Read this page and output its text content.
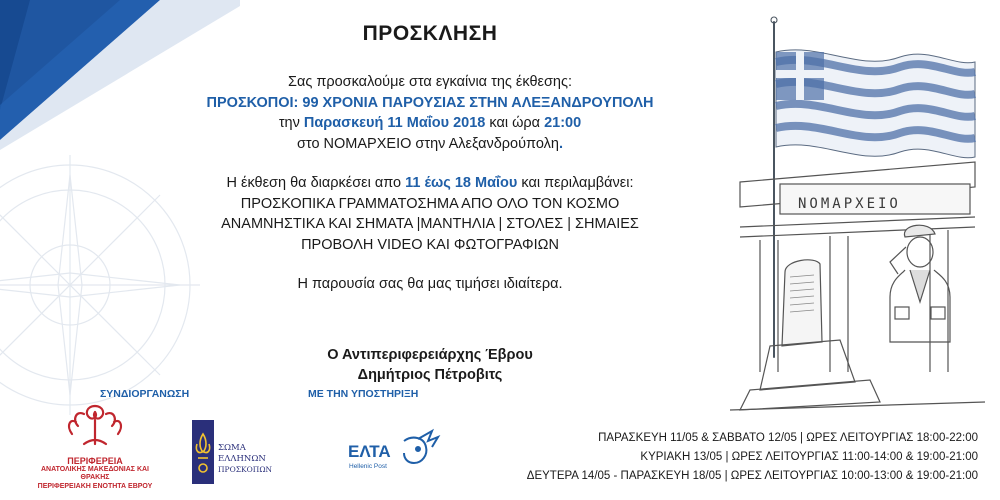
ΠΡΟΣΚΛΗΣΗ
Σας προσκαλούμε στα εγκαίνια της έκθεσης:
ΠΡΟΣΚΟΠΟΙ: 99 ΧΡΟΝΙΑ ΠΑΡΟΥΣΙΑΣ ΣΤΗΝ ΑΛΕΞΑΝΔΡΟΥΠΟΛΗ
την Παρασκευή 11 Μαΐου 2018 και ώρα 21:00
στο ΝΟΜΑΡΧΕΙΟ στην Αλεξανδρούπολη.
Η έκθεση θα διαρκέσει απο 11 έως 18 Μαΐου και περιλαμβάνει:
ΠΡΟΣΚΟΠΙΚΑ ΓΡΑΜΜΑΤΟΣΗΜΑ ΑΠΟ ΟΛΟ ΤΟΝ ΚΟΣΜΟ
ΑΝΑΜΝΗΣΤΙΚΑ ΚΑΙ ΣΗΜΑΤΑ |ΜΑΝΤΗΛΙΑ | ΣΤΟΛΕΣ | ΣΗΜΑΙΕΣ
ΠΡΟΒΟΛΗ VIDEO ΚΑΙ ΦΩΤΟΓΡΑΦΙΩΝ
Η παρουσία σας θα μας τιμήσει ιδιαίτερα.
Ο Αντιπεριφερειάρχης Έβρου
Δημήτριος Πέτροβιτς
ΣΥΝΔΙΟΡΓΑΝΩΣΗ	ΜΕ ΤΗΝ ΥΠΟΣΤΗΡΙΞΗ
ΠΕΡΙΦΕΡΕΙΑ
ΑΝΑΤΟΛΙΚΗΣ ΜΑΚΕΔΟΝΙΑΣ ΚΑΙ ΘΡΑΚΗΣ
ΠΕΡΙΦΕΡΕΙΑΚΗ ΕΝΟΤΗΤΑ ΕΒΡΟΥ
ΣΩΜΑ
ΕΛΛΗΝΩΝ
ΠΡΟΣΚΟΠΩΝ
ΕΛΤΑ
Hellenic Post
ΠΑΡΑΣΚΕΥΗ 11/05 & ΣΑΒΒΑΤΟ 12/05 | ΩΡΕΣ ΛΕΙΤΟΥΡΓΙΑΣ 18:00-22:00
ΚΥΡΙΑΚΗ 13/05 | ΩΡΕΣ ΛΕΙΤΟΥΡΓΙΑΣ 11:00-14:00 & 19:00-21:00
ΔΕΥΤΕΡΑ 14/05 - ΠΑΡΑΣΚΕΥΗ 18/05 | ΩΡΕΣ ΛΕΙΤΟΥΡΓΙΑΣ 10:00-13:00 & 19:00-21:00
ΝΟΜΑΡΧΕΙΟ
